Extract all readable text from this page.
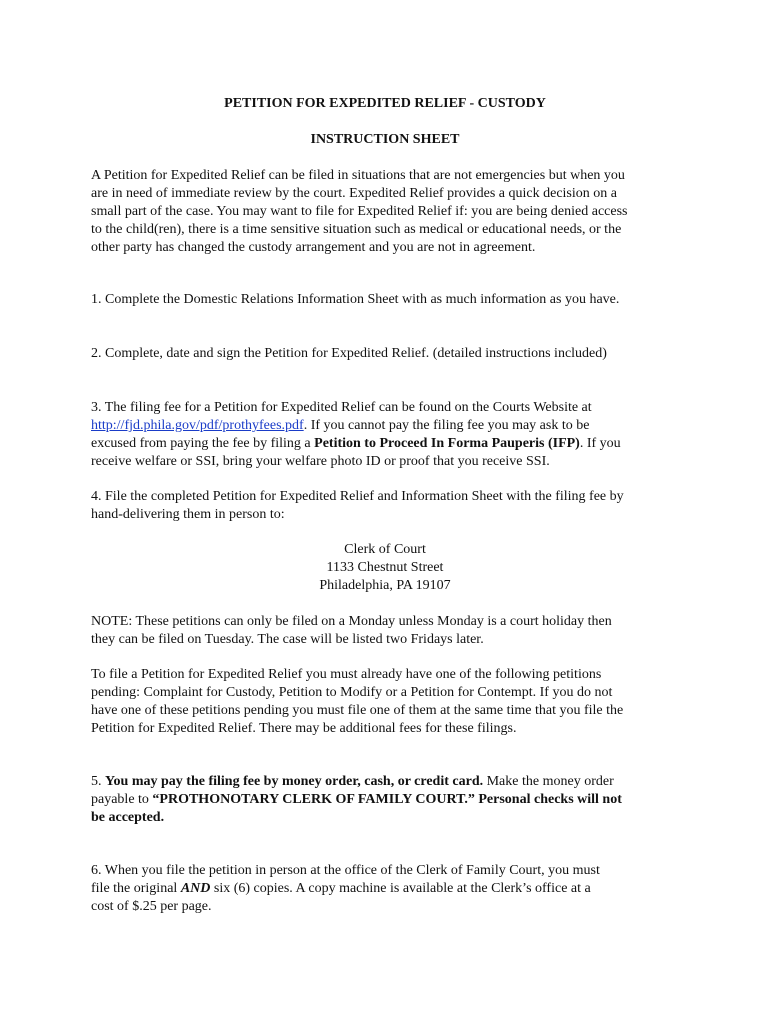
PETITION FOR EXPEDITED RELIEF - CUSTODY
INSTRUCTION SHEET
A Petition for Expedited Relief can be filed in situations that are not emergencies but when you
are in need of immediate review by the court. Expedited Relief provides a quick decision on a
small part of the case. You may want to file for Expedited Relief if: you are being denied access
to the child(ren), there is a time sensitive situation such as medical or educational needs, or the
other party has changed the custody arrangement and you are not in agreement.
1. Complete the Domestic Relations Information Sheet with as much information as you have.
2. Complete, date and sign the Petition for Expedited Relief. (detailed instructions included)
3. The filing fee for a Petition for Expedited Relief can be found on the Courts Website at
http://fjd.phila.gov/pdf/prothyfees.pdf. If you cannot pay the filing fee you may ask to be
excused from paying the fee by filing a Petition to Proceed In Forma Pauperis (IFP). If you
receive welfare or SSI, bring your welfare photo ID or proof that you receive SSI.
4. File the completed Petition for Expedited Relief and Information Sheet with the filing fee by
hand-delivering them in person to:
Clerk of Court
1133 Chestnut Street
Philadelphia, PA 19107
NOTE: These petitions can only be filed on a Monday unless Monday is a court holiday then
they can be filed on Tuesday. The case will be listed two Fridays later.
To file a Petition for Expedited Relief you must already have one of the following petitions
pending: Complaint for Custody, Petition to Modify or a Petition for Contempt. If you do not
have one of these petitions pending you must file one of them at the same time that you file the
Petition for Expedited Relief. There may be additional fees for these filings.
5. You may pay the filing fee by money order, cash, or credit card. Make the money order
payable to “PROTHONOTARY CLERK OF FAMILY COURT.” Personal checks will not
be accepted.
6. When you file the petition in person at the office of the Clerk of Family Court, you must
file the original AND six (6) copies. A copy machine is available at the Clerk’s office at a
cost of $.25 per page.
